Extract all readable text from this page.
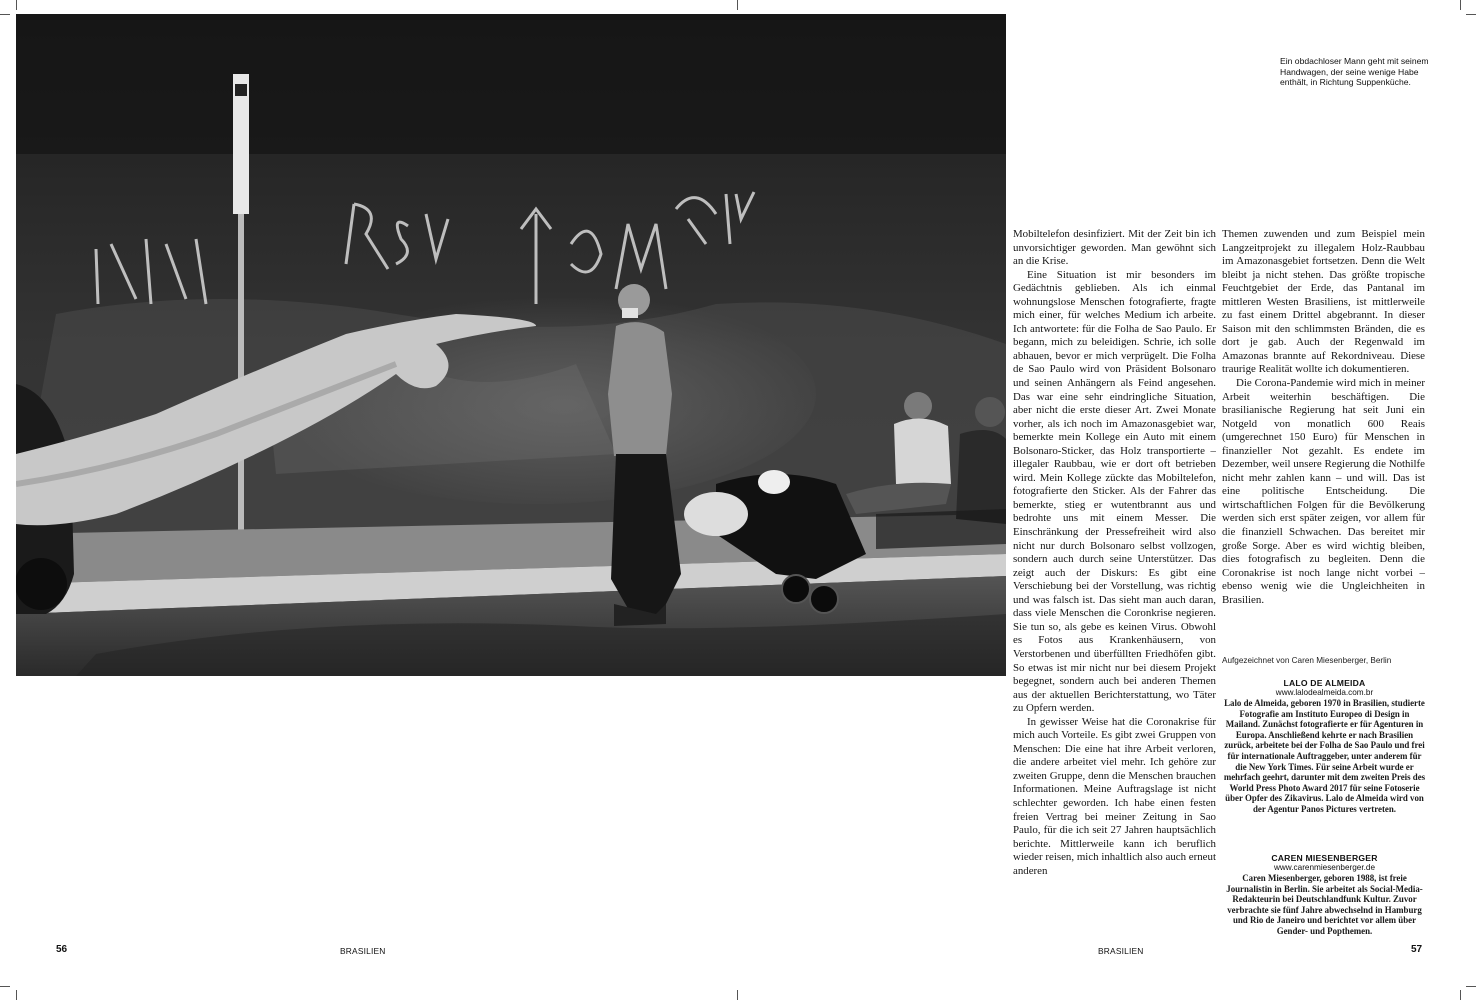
Ein obdachloser Mann geht mit seinem Handwagen, der seine wenige Habe enthält, in Richtung Suppenküche.

Mobiltelefon desinfiziert. Mit der Zeit bin ich unvorsichtiger geworden. Man gewöhnt sich an die Krise.

Eine Situation ist mir besonders im Gedächtnis geblieben. Als ich einmal wohnungslose Menschen fotografierte, fragte mich einer, für welches Medium ich arbeite. Ich antwortete: für die Folha de Sao Paulo. Er begann, mich zu beleidigen. Schrie, ich solle abhauen, bevor er mich verprügelt. Die Folha de Sao Paulo wird von Präsident Bolsonaro und seinen Anhängern als Feind angesehen. Das war eine sehr eindringliche Situation, aber nicht die erste dieser Art. Zwei Monate vorher, als ich noch im Amazonasgebiet war, bemerkte mein Kollege ein Auto mit einem Bolsonaro-Sticker, das Holz transportierte – illegaler Raubbau, wie er dort oft betrieben wird. Mein Kollege zückte das Mobiltelefon, fotografierte den Sticker. Als der Fahrer das bemerkte, stieg er wutentbrannt aus und bedrohte uns mit einem Messer. Die Einschränkung der Pressefreiheit wird also nicht nur durch Bolsonaro selbst vollzogen, sondern auch durch seine Unterstützer. Das zeigt auch der Diskurs: Es gibt eine Verschiebung bei der Vorstellung, was richtig und was falsch ist. Das sieht man auch daran, dass viele Menschen die Coronkrise negieren. Sie tun so, als gebe es keinen Virus. Obwohl es Fotos aus Krankenhäusern, von Verstorbenen und überfüllten Friedhöfen gibt. So etwas ist mir nicht nur bei diesem Projekt begegnet, sondern auch bei anderen Themen aus der aktuellen Berichterstattung, wo Täter zu Opfern werden.

In gewisser Weise hat die Coronakrise für mich auch Vorteile. Es gibt zwei Gruppen von Menschen: Die eine hat ihre Arbeit verloren, die andere arbeitet viel mehr. Ich gehöre zur zweiten Gruppe, denn die Menschen brauchen Informationen. Meine Auftragslage ist nicht schlechter geworden. Ich habe einen festen freien Vertrag bei meiner Zeitung in Sao Paulo, für die ich seit 27 Jahren hauptsächlich berichte. Mittlerweile kann ich beruflich wieder reisen, mich inhaltlich also auch erneut anderen

Themen zuwenden und zum Beispiel mein Langzeitprojekt zu illegalem Holz-Raubbau im Amazonasgebiet fortsetzen. Denn die Welt bleibt ja nicht stehen. Das größte tropische Feuchtgebiet der Erde, das Pantanal im mittleren Westen Brasiliens, ist mittlerweile zu fast einem Drittel abgebrannt. In dieser Saison mit den schlimmsten Bränden, die es dort je gab. Auch der Regenwald im Amazonas brannte auf Rekordniveau. Diese traurige Realität wollte ich dokumentieren.

Die Corona-Pandemie wird mich in meiner Arbeit weiterhin beschäftigen. Die brasilianische Regierung hat seit Juni ein Notgeld von monatlich 600 Reais (umgerechnet 150 Euro) für Menschen in finanzieller Not gezahlt. Es endete im Dezember, weil unsere Regierung die Nothilfe nicht mehr zahlen kann – und will. Das ist eine politische Entscheidung. Die wirtschaftlichen Folgen für die Bevölkerung werden sich erst später zeigen, vor allem für die finanziell Schwachen. Das bereitet mir große Sorge. Aber es wird wichtig bleiben, dies fotografisch zu begleiten. Denn die Coronakrise ist noch lange nicht vorbei – ebenso wenig wie die Ungleichheiten in Brasilien.

Aufgezeichnet von Caren Miesenberger, Berlin
LALO DE ALMEIDA
www.lalodealmeida.com.br
Lalo de Almeida, geboren 1970 in Brasilien, studierte Fotografie am Instituto Europeo di Design in Mailand. Zunächst fotografierte er für Agenturen in Europa. Anschließend kehrte er nach Brasilien zurück, arbeitete bei der Folha de Sao Paulo und frei für internationale Auftraggeber, unter anderem für die New York Times. Für seine Arbeit wurde er mehrfach geehrt, darunter mit dem zweiten Preis des World Press Photo Award 2017 für seine Fotoserie über Opfer des Zikavirus. Lalo de Almeida wird von der Agentur Panos Pictures vertreten.
CAREN MIESENBERGER
www.carenmiesenberger.de
Caren Miesenberger, geboren 1988, ist freie Journalistin in Berlin. Sie arbeitet als Social-Media-Redakteurin bei Deutschlandfunk Kultur. Zuvor verbrachte sie fünf Jahre abwechselnd in Hamburg und Rio de Janeiro und berichtet vor allem über Gender- und Popthemen.
56	BRASILIEN	BRASILIEN	57
